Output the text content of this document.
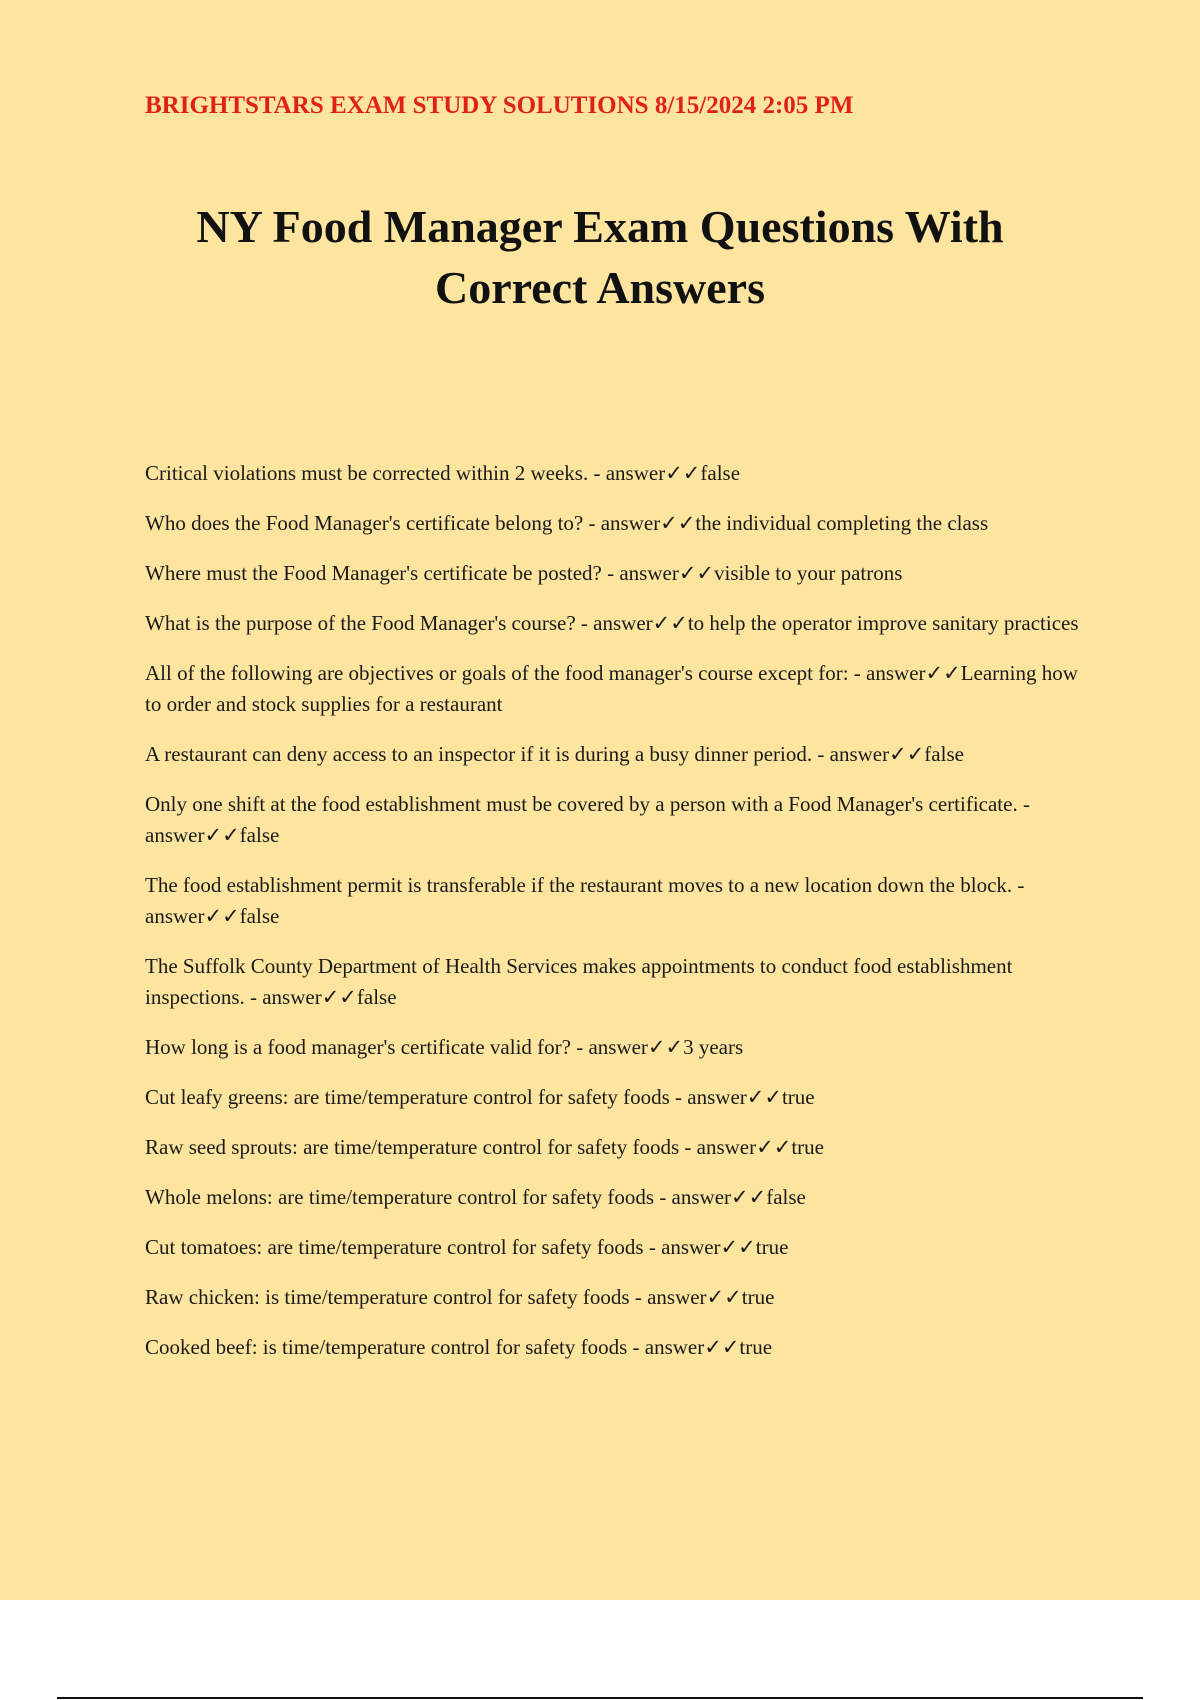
BRIGHTSTARS EXAM STUDY SOLUTIONS 8/15/2024 2:05 PM
NY Food Manager Exam Questions With
Correct Answers
Critical violations must be corrected within 2 weeks. - answer✓✓false
Who does the Food Manager's certificate belong to? - answer✓✓the individual completing the class
Where must the Food Manager's certificate be posted? - answer✓✓visible to your patrons
What is the purpose of the Food Manager's course? - answer✓✓to help the operator improve sanitary practices
All of the following are objectives or goals of the food manager's course except for: - answer✓✓Learning how to order and stock supplies for a restaurant
A restaurant can deny access to an inspector if it is during a busy dinner period. - answer✓✓false
Only one shift at the food establishment must be covered by a person with a Food Manager's certificate. - answer✓✓false
The food establishment permit is transferable if the restaurant moves to a new location down the block. - answer✓✓false
The Suffolk County Department of Health Services makes appointments to conduct food establishment inspections. - answer✓✓false
How long is a food manager's certificate valid for? - answer✓✓3 years
Cut leafy greens: are time/temperature control for safety foods - answer✓✓true
Raw seed sprouts: are time/temperature control for safety foods - answer✓✓true
Whole melons: are time/temperature control for safety foods - answer✓✓false
Cut tomatoes: are time/temperature control for safety foods - answer✓✓true
Raw chicken: is time/temperature control for safety foods - answer✓✓true
Cooked beef: is time/temperature control for safety foods - answer✓✓true
